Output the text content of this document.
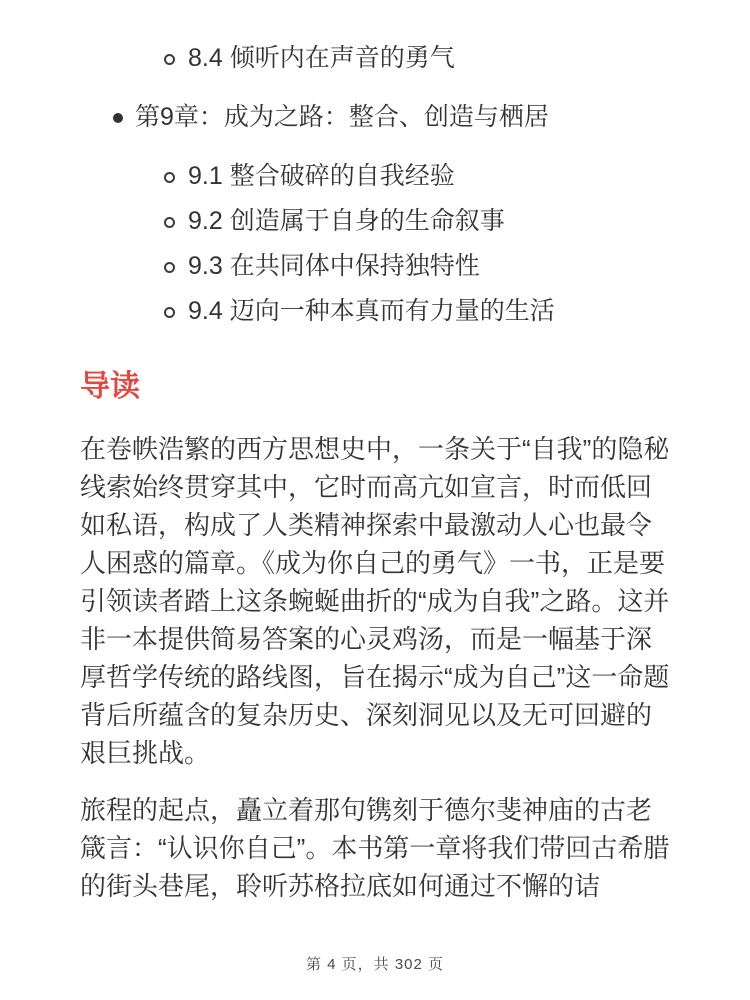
8.4 倾听内在声音的勇气
第9章：成为之路：整合、创造与栖居
9.1 整合破碎的自我经验
9.2 创造属于自身的生命叙事
9.3 在共同体中保持独特性
9.4 迈向一种本真而有力量的生活
导读

在卷帙浩繁的西方思想史中，一条关于“自我”的隐秘线索始终贯穿其中，它时而高亢如宣言，时而低回如私语，构成了人类精神探索中最激动人心也最令人困惑的篇章。《成为你自己的勇气》一书，正是要引领读者踏上这条蜿蜒曲折的“成为自我”之路。这并非一本提供简易答案的心灵鸡汤，而是一幅基于深厚哲学传统的路线图，旨在揭示“成为自己”这一命题背后所蕴含的复杂历史、深刻洞见以及无可回避的艰巨挑战。

旅程的起点，矗立着那句镌刻于德尔斐神庙的古老箴言：“认识你自己”。本书第一章将我们带回古希腊的街头巷尾，聆听苏格拉底如何通过不懈的诘

第 4 页，共 302 页
